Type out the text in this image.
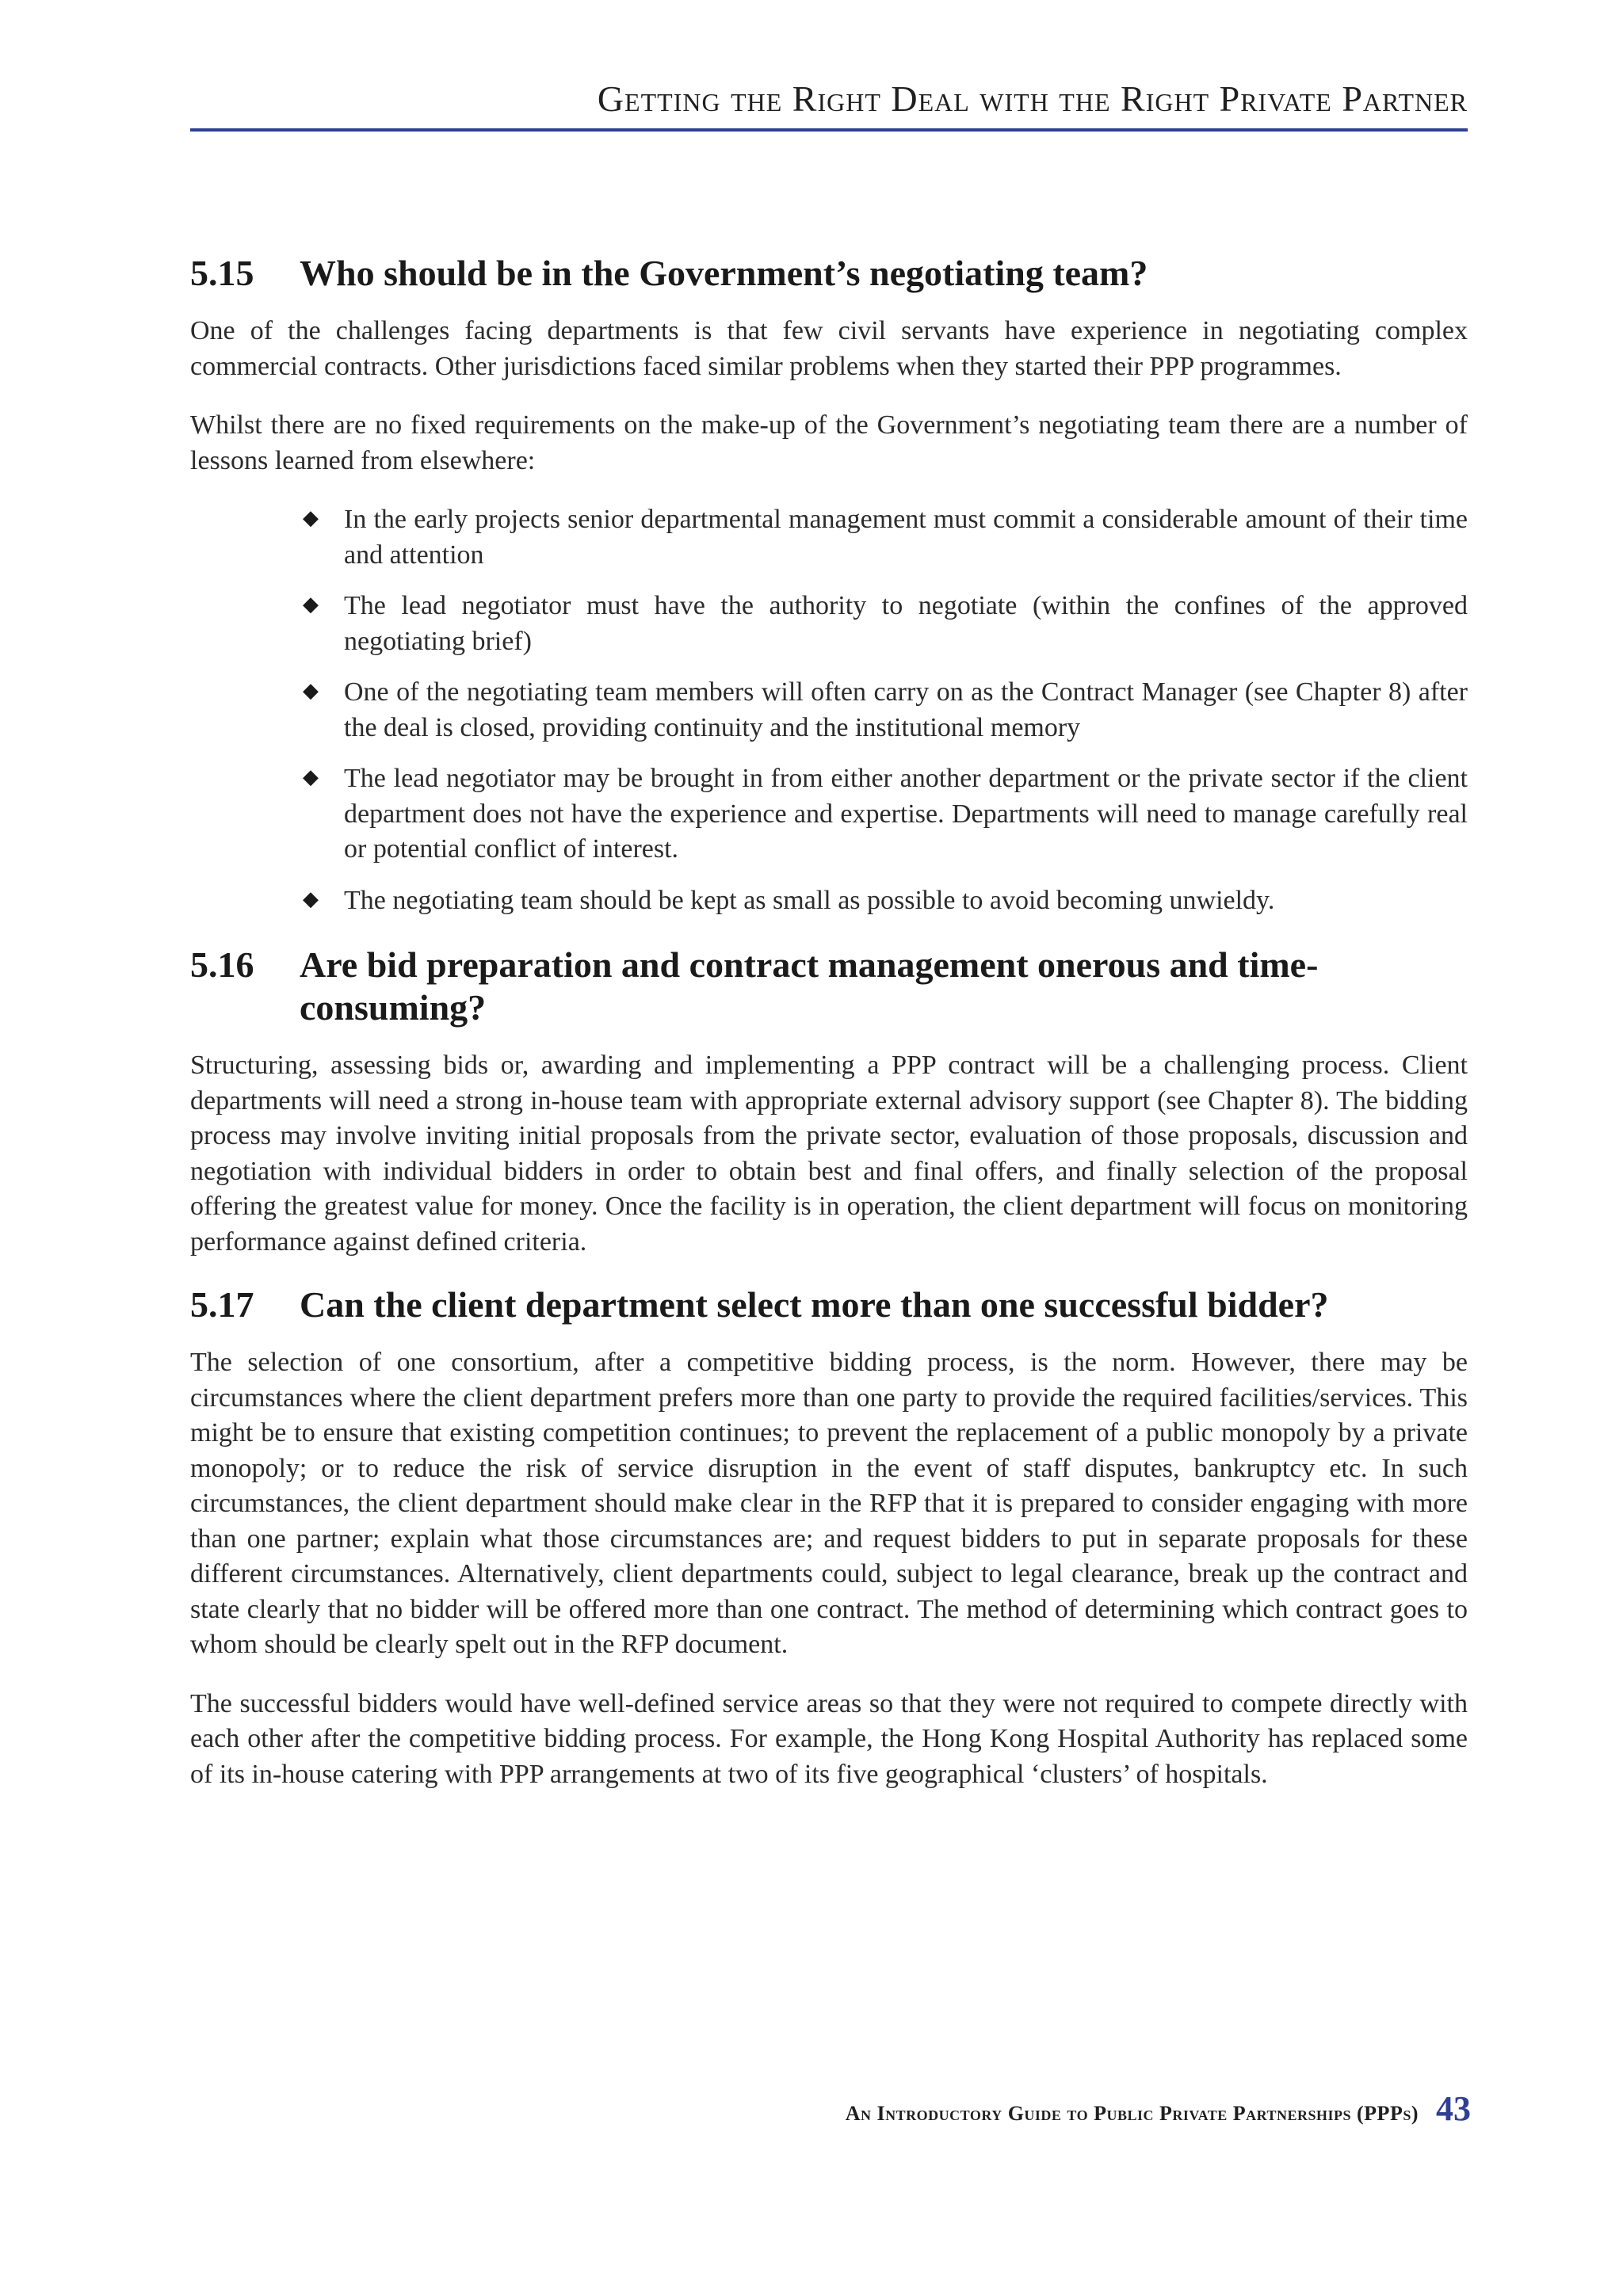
Getting the Right Deal with the Right Private Partner
5.15	Who should be in the Government’s negotiating team?

One of the challenges facing departments is that few civil servants have experience in negotiating complex commercial contracts. Other jurisdictions faced similar problems when they started their PPP programmes.

Whilst there are no fixed requirements on the make-up of the Government’s negotiating team there are a number of lessons learned from elsewhere:

◆ In the early projects senior departmental management must commit a considerable amount of their time and attention
◆ The lead negotiator must have the authority to negotiate (within the confines of the approved negotiating brief)
◆ One of the negotiating team members will often carry on as the Contract Manager (see Chapter 8) after the deal is closed, providing continuity and the institutional memory
◆ The lead negotiator may be brought in from either another department or the private sector if the client department does not have the experience and expertise. Departments will need to manage carefully real or potential conflict of interest.
◆ The negotiating team should be kept as small as possible to avoid becoming unwieldy.
5.16	Are bid preparation and contract management onerous and time-consuming?

Structuring, assessing bids or, awarding and implementing a PPP contract will be a challenging process. Client departments will need a strong in-house team with appropriate external advisory support (see Chapter 8). The bidding process may involve inviting initial proposals from the private sector, evaluation of those proposals, discussion and negotiation with individual bidders in order to obtain best and final offers, and finally selection of the proposal offering the greatest value for money. Once the facility is in operation, the client department will focus on monitoring performance against defined criteria.

5.17	Can the client department select more than one successful bidder?

The selection of one consortium, after a competitive bidding process, is the norm. However, there may be circumstances where the client department prefers more than one party to provide the required facilities/services. This might be to ensure that existing competition continues; to prevent the replacement of a public monopoly by a private monopoly; or to reduce the risk of service disruption in the event of staff disputes, bankruptcy etc. In such circumstances, the client department should make clear in the RFP that it is prepared to consider engaging with more than one partner; explain what those circumstances are; and request bidders to put in separate proposals for these different circumstances. Alternatively, client departments could, subject to legal clearance, break up the contract and state clearly that no bidder will be offered more than one contract. The method of determining which contract goes to whom should be clearly spelt out in the RFP document.

The successful bidders would have well-defined service areas so that they were not required to compete directly with each other after the competitive bidding process. For example, the Hong Kong Hospital Authority has replaced some of its in-house catering with PPP arrangements at two of its five geographical ‘clusters’ of hospitals.

An Introductory Guide to Public Private Partnerships (PPPs) 43
